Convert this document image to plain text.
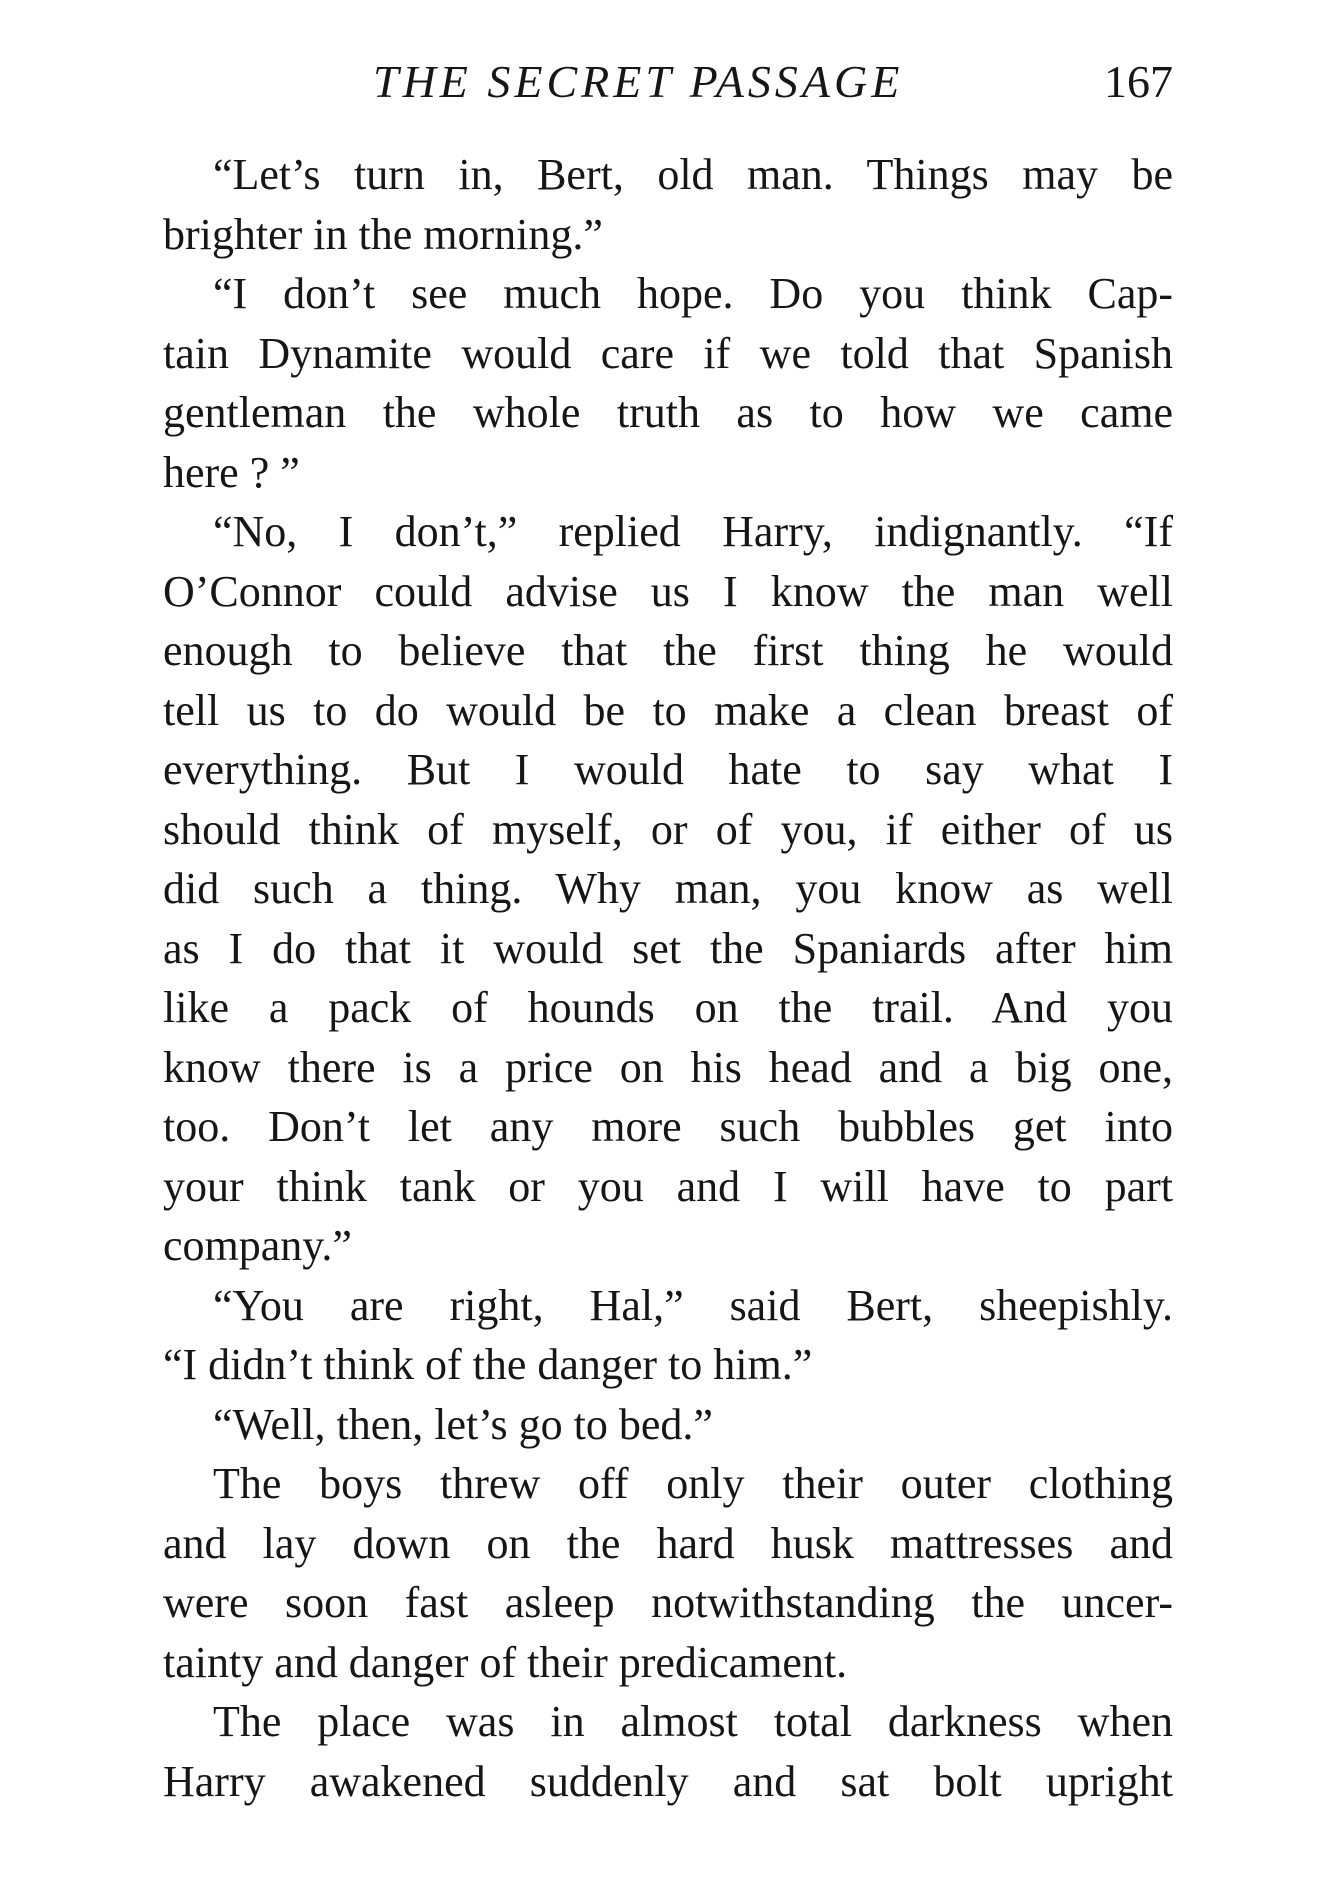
THE SECRET PASSAGE	167
“Let’s turn in, Bert, old man. Things may be
brighter in the morning.”
“I don’t see much hope. Do you think Cap-
tain Dynamite would care if we told that Spanish
gentleman the whole truth as to how we came
here ? ”
“No, I don’t,” replied Harry, indignantly. “If
O’Connor could advise us I know the man well
enough to believe that the first thing he would
tell us to do would be to make a clean breast of
everything. But I would hate to say what I
should think of myself, or of you, if either of us
did such a thing. Why man, you know as well
as I do that it would set the Spaniards after him
like a pack of hounds on the trail. And you
know there is a price on his head and a big one,
too. Don’t let any more such bubbles get into
your think tank or you and I will have to part
company.”
“You are right, Hal,” said Bert, sheepishly.
“I didn’t think of the danger to him.”
“Well, then, let’s go to bed.”
The boys threw off only their outer clothing
and lay down on the hard husk mattresses and
were soon fast asleep notwithstanding the uncer-
tainty and danger of their predicament.
The place was in almost total darkness when
Harry awakened suddenly and sat bolt upright
